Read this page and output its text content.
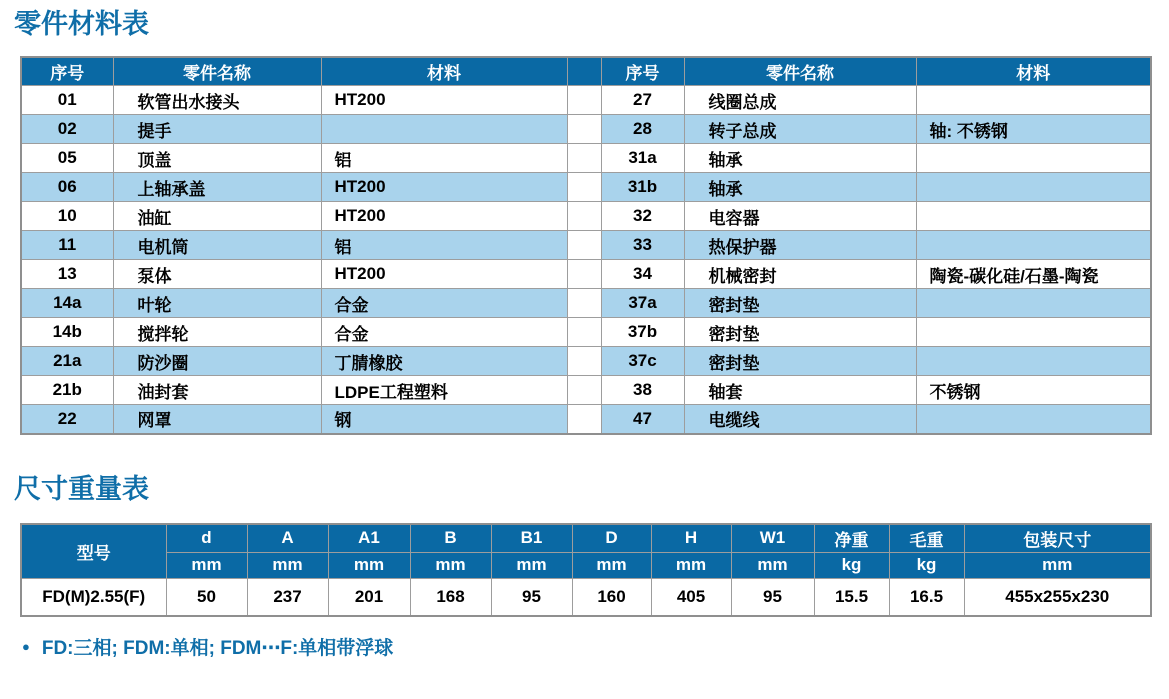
零件材料表
序号	零件名称	材料		序号	零件名称	材料
01	软管出水接头	HT200		27	线圈总成	
02	提手			28	转子总成	轴: 不锈钢
05	顶盖	铝		31a	轴承	
06	上轴承盖	HT200		31b	轴承	
10	油缸	HT200		32	电容器	
11	电机筒	铝		33	热保护器	
13	泵体	HT200		34	机械密封	陶瓷-碳化硅/石墨-陶瓷
14a	叶轮	合金		37a	密封垫	
14b	搅拌轮	合金		37b	密封垫	
21a	防沙圈	丁腈橡胶		37c	密封垫	
21b	油封套	LDPE工程塑料		38	轴套	不锈钢
22	网罩	钢		47	电缆线	
尺寸重量表
型号	d	A	A1	B	B1	D	H	W1	净重	毛重	包装尺寸
	mm	mm	mm	mm	mm	mm	mm	mm	kg	kg	mm
FD(M)2.55(F)	50	237	201	168	95	160	405	95	15.5	16.5	455x255x230
● FD:三相; FDM:单相; FDM⋯F:单相带浮球
